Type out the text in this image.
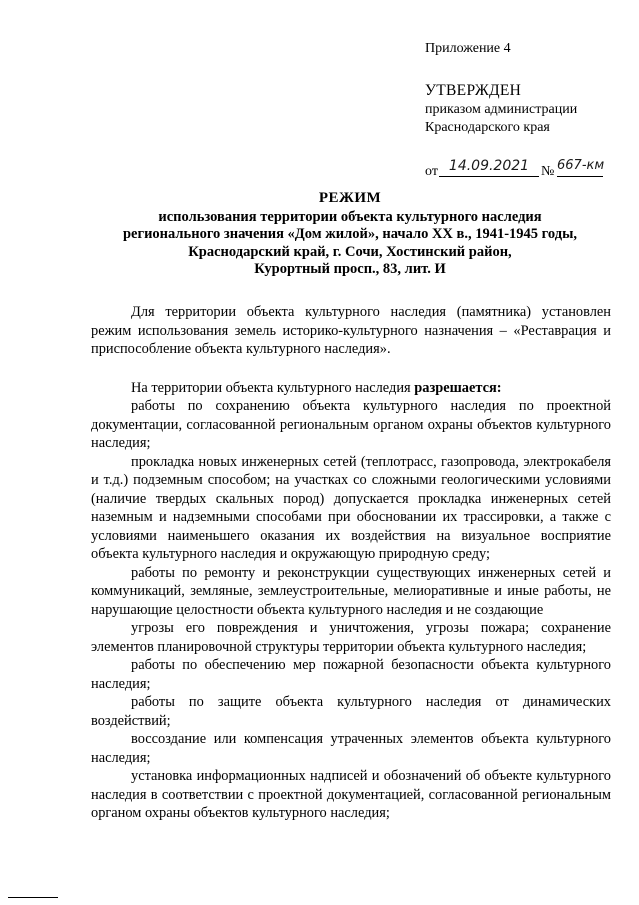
Приложение 4
УТВЕРЖДЕН
приказом администрации
Краснодарского края
от 14.09.2021 № 667-км
РЕЖИМ
использования территории объекта культурного наследия
регионального значения «Дом жилой», начало XX в., 1941-1945 годы,
Краснодарский край, г. Сочи, Хостинский район,
Курортный просп., 83, лит. И

Для территории объекта культурного наследия (памятника) установлен режим использования земель историко-культурного назначения – «Реставрация и приспособление объекта культурного наследия».

На территории объекта культурного наследия разрешается:

работы по сохранению объекта культурного наследия по проектной документации, согласованной региональным органом охраны объектов культурного наследия;

прокладка новых инженерных сетей (теплотрасс, газопровода, электрокабеля и т.д.) подземным способом; на участках со сложными геологическими условиями (наличие твердых скальных пород) допускается прокладка инженерных сетей наземным и надземными способами при обосновании их трассировки, а также с условиями наименьшего оказания их воздействия на визуальное восприятие объекта культурного наследия и окружающую природную среду;

работы по ремонту и реконструкции существующих инженерных сетей и коммуникаций, земляные, землеустроительные, мелиоративные и иные работы, не нарушающие целостности объекта культурного наследия и не создающие

угрозы его повреждения и уничтожения, угрозы пожара; сохранение элементов планировочной структуры территории объекта культурного наследия;

работы по обеспечению мер пожарной безопасности объекта культурного наследия;

работы по защите объекта культурного наследия от динамических воздействий;

воссоздание или компенсация утраченных элементов объекта культурного наследия;

установка информационных надписей и обозначений об объекте культурного наследия в соответствии с проектной документацией, согласованной региональным органом охраны объектов культурного наследия;
